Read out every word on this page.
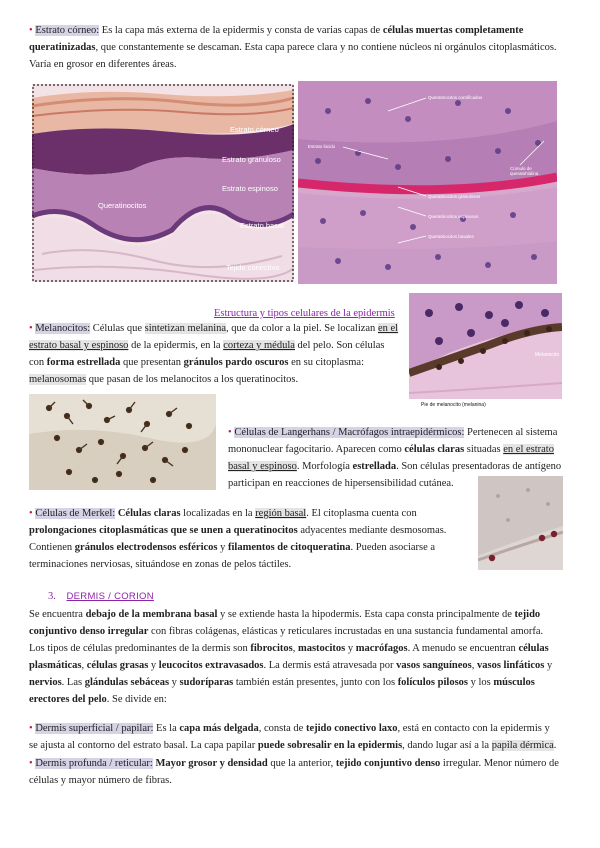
• Estrato córneo: Es la capa más externa de la epidermis y consta de varias capas de células muertas completamente queratinizadas, que constantemente se descaman. Esta capa parece clara y no contiene núcleos ni orgánulos citoplasmáticos. Varía en grosor en diferentes áreas.
Estrato córneo
Estrato granuloso
Estrato espinoso
Queratinocitos
Estrato basal
Tejido conectivo
Queratinocitos cornificados
Estrato lúcido
Cúmulo de queratohialina
Queratinocitos granulosos
Queratinocitos espinosos
Queratinocitos basales
Estructura y tipos celulares de la epidermis
• Melanocitos: Células que sintetizan melanina, que da color a la piel. Se localizan en el estrato basal y espinoso de la epidermis, en la corteza y médula del pelo. Son células con forma estrellada que presentan gránulos pardo oscuros en su citoplasma: melanosomas que pasan de los melanocitos a los queratinocitos.
Melanocito
Pie de melanocito (melanina)
• Células de Langerhans / Macrófagos intraepidérmicos: Pertenecen al sistema mononuclear fagocitario. Aparecen como células claras situadas en el estrato basal y espinoso. Morfología estrellada. Son células presentadoras de antígeno participan en reacciones de hipersensibilidad cutánea.
• Células de Merkel: Células claras localizadas en la región basal. El citoplasma cuenta con prolongaciones citoplasmáticas que se unen a queratinocitos adyacentes mediante desmosomas. Contienen gránulos electrodensos esféricos y filamentos de citoqueratina. Pueden asociarse a terminaciones nerviosas, situándose en zonas de pelos táctiles.
3. DERMIS / CORION
Se encuentra debajo de la membrana basal y se extiende hasta la hipodermis. Esta capa consta principalmente de tejido conjuntivo denso irregular con fibras colágenas, elásticas y reticulares incrustadas en una sustancia fundamental amorfa. Los tipos de células predominantes de la dermis son fibrocitos, mastocitos y macrófagos. A menudo se encuentran células plasmáticas, células grasas y leucocitos extravasados. La dermis está atravesada por vasos sanguíneos, vasos linfáticos y nervios. Las glándulas sebáceas y sudoríparas también están presentes, junto con los folículos pilosos y los músculos erectores del pelo. Se divide en:
• Dermis superficial / papilar: Es la capa más delgada, consta de tejido conectivo laxo, está en contacto con la epidermis y se ajusta al contorno del estrato basal. La capa papilar puede sobresalir en la epidermis, dando lugar así a la papila dérmica.
• Dermis profunda / reticular: Mayor grosor y densidad que la anterior, tejido conjuntivo denso irregular. Menor número de células y mayor número de fibras.
